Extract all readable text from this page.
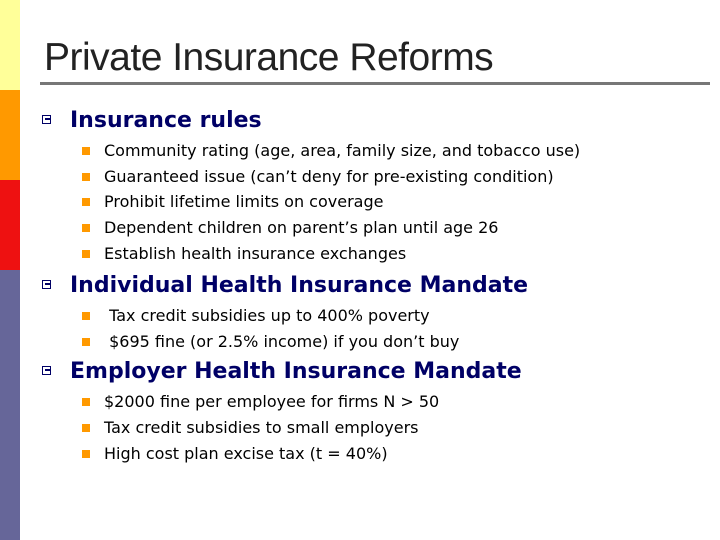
Private Insurance Reforms
Insurance rules
Community rating (age, area, family size, and tobacco use)
Guaranteed issue (can’t deny for pre-existing condition)
Prohibit lifetime limits on coverage
Dependent children on parent’s plan until age 26
Establish health insurance exchanges
Individual Health Insurance Mandate
Tax credit subsidies up to 400% poverty
$695 fine (or 2.5% income) if you don’t buy
Employer Health Insurance Mandate
$2000 fine per employee for firms N > 50
Tax credit subsidies to small employers
High cost plan excise tax (t = 40%)
